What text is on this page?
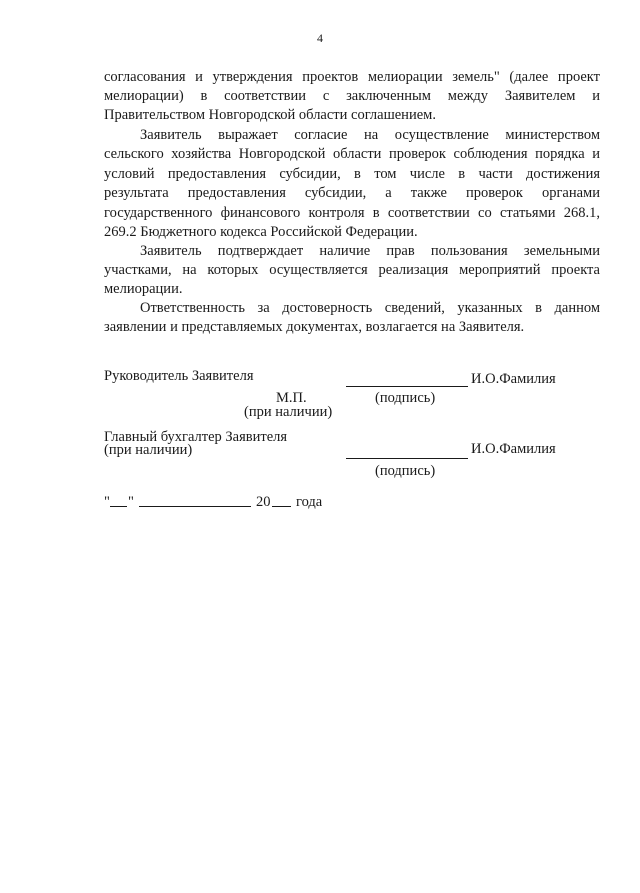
4
согласования и утверждения проектов мелиорации земель" (далее проект
мелиорации) в соответствии с заключенным между Заявителем и
Правительством Новгородской области соглашением.
Заявитель выражает согласие на осуществление министерством
сельского хозяйства Новгородской области проверок соблюдения порядка и
условий предоставления субсидии, в том числе в части достижения
результата предоставления субсидии, а также проверок органами
государственного финансового контроля в соответствии со статьями 268.1,
269.2 Бюджетного кодекса Российской Федерации.
Заявитель подтверждает наличие прав пользования земельными
участками, на которых осуществляется реализация мероприятий проекта
мелиорации.
Ответственность за достоверность сведений, указанных в данном
заявлении и представляемых документах, возлагается на Заявителя.
Руководитель Заявителя	И.О.Фамилия
М.П.	(подпись)
(при наличии)
Главный бухгалтер Заявителя
(при наличии)	И.О.Фамилия
(подпись)
" "	20 года
